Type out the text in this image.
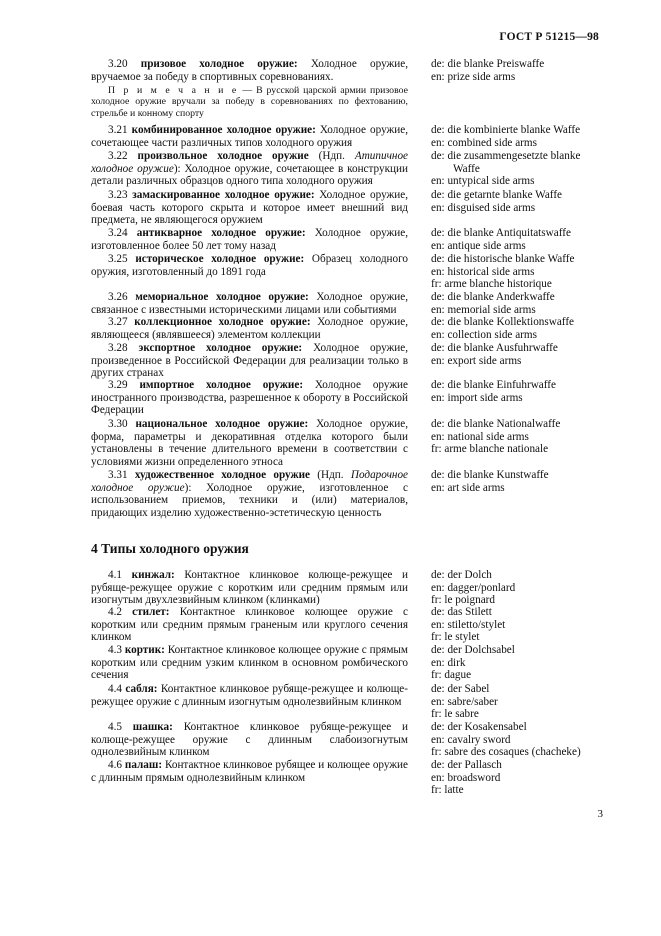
ГОСТ Р 51215—98
3.20 призовое холодное оружие: Холодное оружие, вручаемое за победу в спортивных соревнованиях.
de: die blanke Preiswaffe
en: prize side arms
П р и м е ч а н и е — В русской царской армии призовое холодное оружие вручали за победу в соревнованиях по фехтованию, стрельбе и конному спорту
3.21 комбинированное холодное оружие: Холодное оружие, сочетающее части различных типов холодного оружия
de: die kombinierte blanke Waffe
en: combined side arms
3.22 произвольное холодное оружие (Ндп. Атипичное холодное оружие): Холодное оружие, сочетающее в конструкции детали различных образцов одного типа холодного оружия
de: die zusammengesetzte blanke
Waffe
en: untypical side arms
3.23 замаскированное холодное оружие: Холодное оружие, боевая часть которого скрыта и которое имеет внешний вид предмета, не являющегося оружием
de: die getarnte blanke Waffe
en: disguised side arms
3.24 антикварное холодное оружие: Холодное оружие, изготовленное более 50 лет тому назад
de: die blanke Antiquitatswaffe
en: antique side arms
3.25 историческое холодное оружие: Образец холодного оружия, изготовленный до 1891 года
de: die historische blanke Waffe
en: historical side arms
fr: arme blanche historique
3.26 мемориальное холодное оружие: Холодное оружие, связанное с известными историческими лицами или событиями
de: die blanke Anderkwaffe
en: memorial side arms
3.27 коллекционное холодное оружие: Холодное оружие, являющееся (являвшееся) элементом коллекции
de: die blanke Kollektionswaffe
en: collection side arms
3.28 экспортное холодное оружие: Холодное оружие, произведенное в Российской Федерации для реализации только в других странах
de: die blanke Ausfuhrwaffe
en: export side arms
3.29 импортное холодное оружие: Холодное оружие иностранного производства, разрешенное к обороту в Российской Федерации
de: die blanke Einfuhrwaffe
en: import side arms
3.30 национальное холодное оружие: Холодное оружие, форма, параметры и декоративная отделка которого были установлены в течение длительного времени в соответствии с условиями жизни определенного этноса
de: die blanke Nationalwaffe
en: national side arms
fr: arme blanche nationale
3.31 художественное холодное оружие (Ндп. Подарочное холодное оружие): Холодное оружие, изготовленное с использованием приемов, техники и (или) материалов, придающих изделию художественно-эстетическую ценность
de: die blanke Kunstwaffe
en: art side arms
4 Типы холодного оружия
4.1 кинжал: Контактное клинковое колюще-режущее и рубяще-режущее оружие с коротким или средним прямым или изогнутым двухлезвийным клинком (клинками)
de: der Dolch
en: dagger/ponlard
fr: le poignard
4.2 стилет: Контактное клинковое колющее оружие с коротким или средним прямым граненым или круглого сечения клинком
de: das Stilett
en: stiletto/stylet
fr: le stylet
4.3 кортик: Контактное клинковое колющее оружие с прямым коротким или средним узким клинком в основном ромбического сечения
de: der Dolchsabel
en: dirk
fr: dague
4.4 сабля: Контактное клинковое рубяще-режущее и колюще-режущее оружие с длинным изогнутым однолезвийным клинком
de: der Sabel
en: sabre/saber
fr: le sabre
4.5 шашка: Контактное клинковое рубяще-режущее и колюще-режущее оружие с длинным слабоизогнутым однолезвийным клинком
de: der Kosakensabel
en: cavalry sword
fr: sabre des cosaques (chacheke)
4.6 палаш: Контактное клинковое рубящее и колющее оружие с длинным прямым однолезвийным клинком
de: der Pallasch
en: broadsword
fr: latte
3
